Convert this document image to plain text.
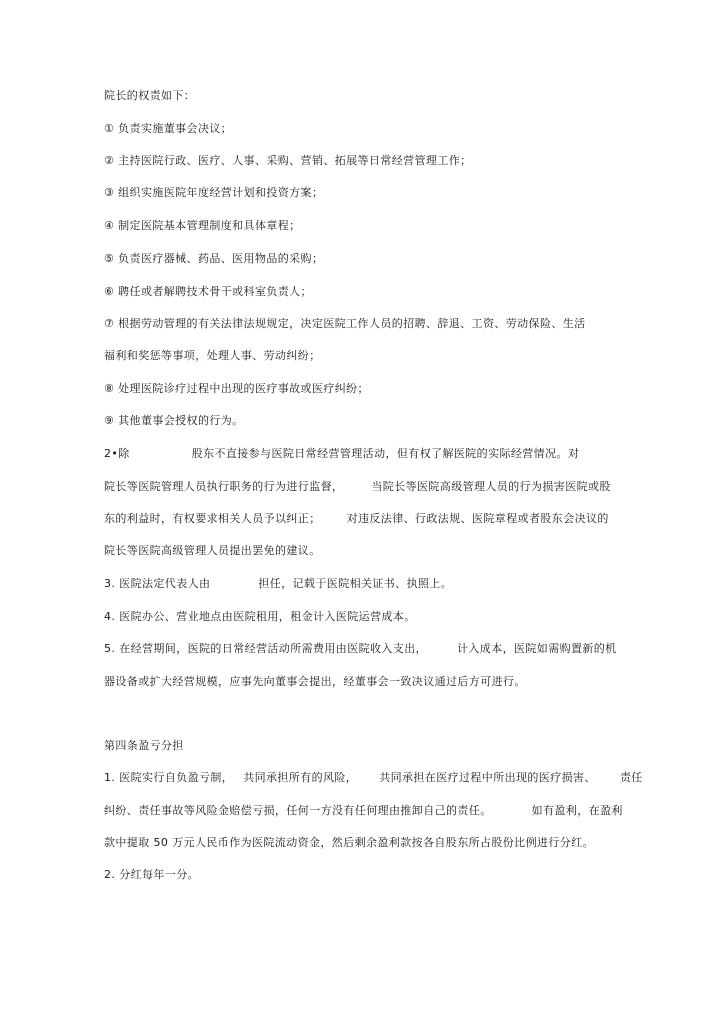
院长的权责如下：
① 负责实施董事会决议；
② 主持医院行政、医疗、人事、采购、营销、拓展等日常经营管理工作；
③ 组织实施医院年度经营计划和投资方案；
④ 制定医院基本管理制度和具体章程；
⑤ 负责医疗器械、药品、医用物品的采购；
⑥ 聘任或者解聘技术骨干或科室负责人；
⑦ 根据劳动管理的有关法律法规规定，决定医院工作人员的招聘、辞退、工资、劳动保险、生活
福利和奖惩等事项，处理人事、劳动纠纷；
⑧ 处理医院诊疗过程中出现的医疗事故或医疗纠纷；
⑨ 其他董事会授权的行为。
2•除	股东不直接参与医院日常经营管理活动，但有权了解医院的实际经营情况。对
院长等医院管理人员执行职务的行为进行监督，	当院长等医院高级管理人员的行为损害医院或股
东的利益时，有权要求相关人员予以纠正； 对违反法律、行政法规、医院章程或者股东会决议的
院长等医院高级管理人员提出罢免的建议。
3. 医院法定代表人由	担任，记载于医院相关证书、执照上。
4. 医院办公、营业地点由医院租用，租金计入医院运营成本。
5. 在经营期间，医院的日常经营活动所需费用由医院收入支出，	计入成本，医院如需购置新的机
器设备或扩大经营规模，应事先向董事会提出，经董事会一致决议通过后方可进行。
第四条盈亏分担
1. 医院实行自负盈亏制， 共同承担所有的风险， 共同承担在医疗过程中所出现的医疗损害、 责任
纠纷、责任事故等风险金赔偿亏损，任何一方没有任何理由推卸自己的责任。	如有盈利，在盈利
款中提取 50 万元人民币作为医院流动资金，然后剩余盈利款按各自股东所占股份比例进行分红。
2. 分红每年一分。
